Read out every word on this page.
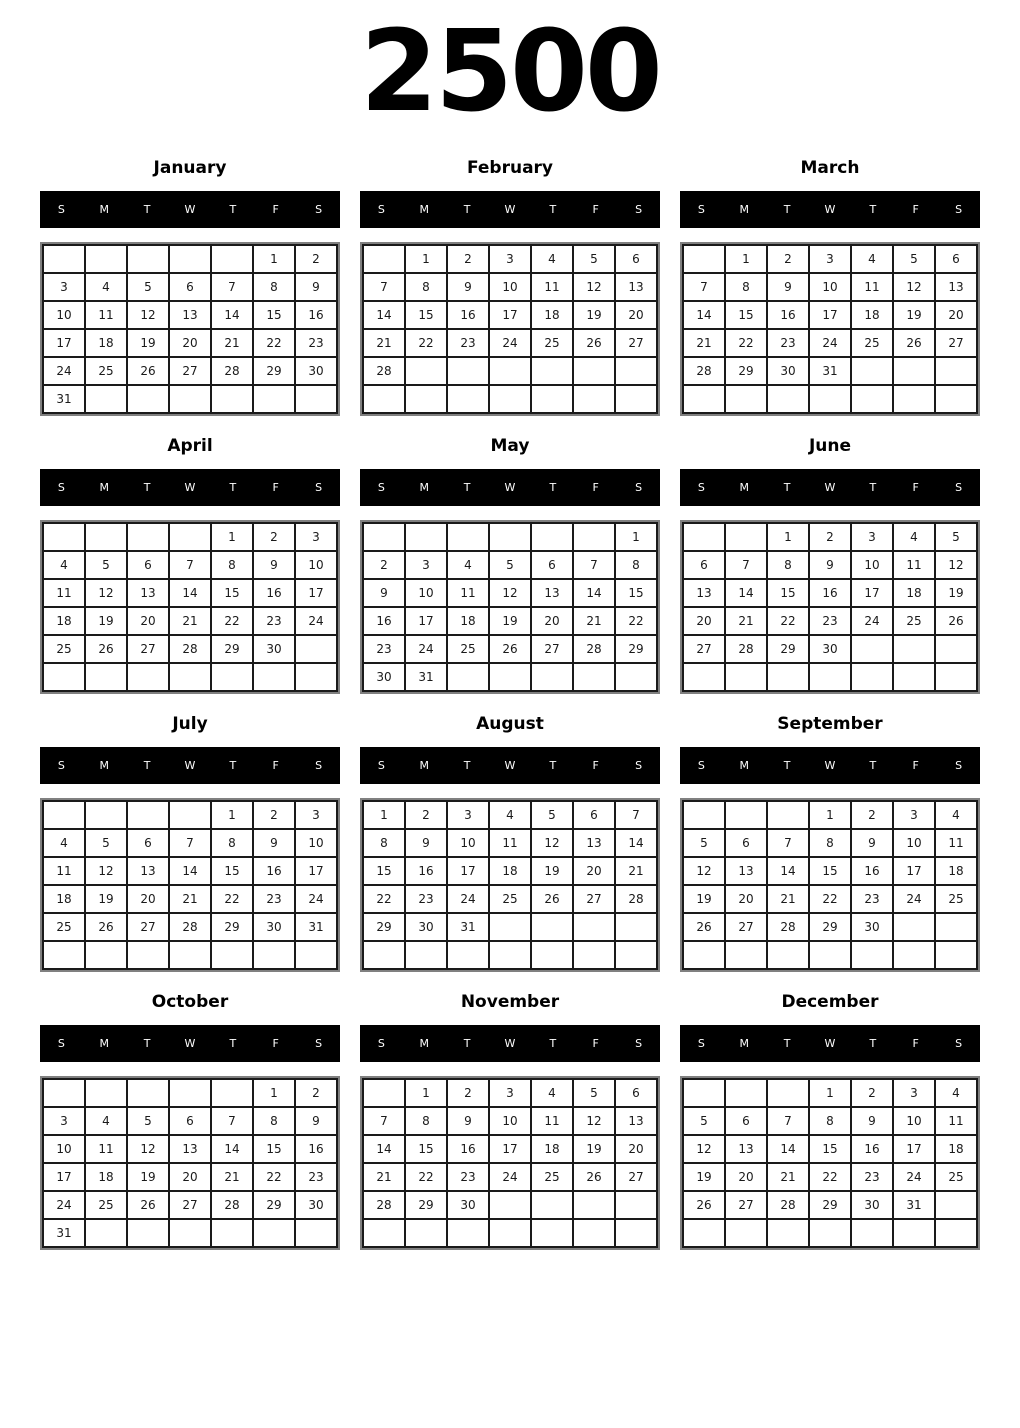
2500
January
S	M	T	W	T	F	S
					1	2
3	4	5	6	7	8	9
10	11	12	13	14	15	16
17	18	19	20	21	22	23
24	25	26	27	28	29	30
31						
February
S	M	T	W	T	F	S
	1	2	3	4	5	6
7	8	9	10	11	12	13
14	15	16	17	18	19	20
21	22	23	24	25	26	27
28						

March
S	M	T	W	T	F	S
	1	2	3	4	5	6
7	8	9	10	11	12	13
14	15	16	17	18	19	20
21	22	23	24	25	26	27
28	29	30	31			

April
S	M	T	W	T	F	S
				1	2	3
4	5	6	7	8	9	10
11	12	13	14	15	16	17
18	19	20	21	22	23	24
25	26	27	28	29	30	

May
S	M	T	W	T	F	S
						1
2	3	4	5	6	7	8
9	10	11	12	13	14	15
16	17	18	19	20	21	22
23	24	25	26	27	28	29
30	31					
June
S	M	T	W	T	F	S
		1	2	3	4	5
6	7	8	9	10	11	12
13	14	15	16	17	18	19
20	21	22	23	24	25	26
27	28	29	30			

July
S	M	T	W	T	F	S
				1	2	3
4	5	6	7	8	9	10
11	12	13	14	15	16	17
18	19	20	21	22	23	24
25	26	27	28	29	30	31

August
S	M	T	W	T	F	S
1	2	3	4	5	6	7
8	9	10	11	12	13	14
15	16	17	18	19	20	21
22	23	24	25	26	27	28
29	30	31				

September
S	M	T	W	T	F	S
			1	2	3	4
5	6	7	8	9	10	11
12	13	14	15	16	17	18
19	20	21	22	23	24	25
26	27	28	29	30		

October
S	M	T	W	T	F	S
					1	2
3	4	5	6	7	8	9
10	11	12	13	14	15	16
17	18	19	20	21	22	23
24	25	26	27	28	29	30
31						
November
S	M	T	W	T	F	S
	1	2	3	4	5	6
7	8	9	10	11	12	13
14	15	16	17	18	19	20
21	22	23	24	25	26	27
28	29	30				

December
S	M	T	W	T	F	S
			1	2	3	4
5	6	7	8	9	10	11
12	13	14	15	16	17	18
19	20	21	22	23	24	25
26	27	28	29	30	31	
